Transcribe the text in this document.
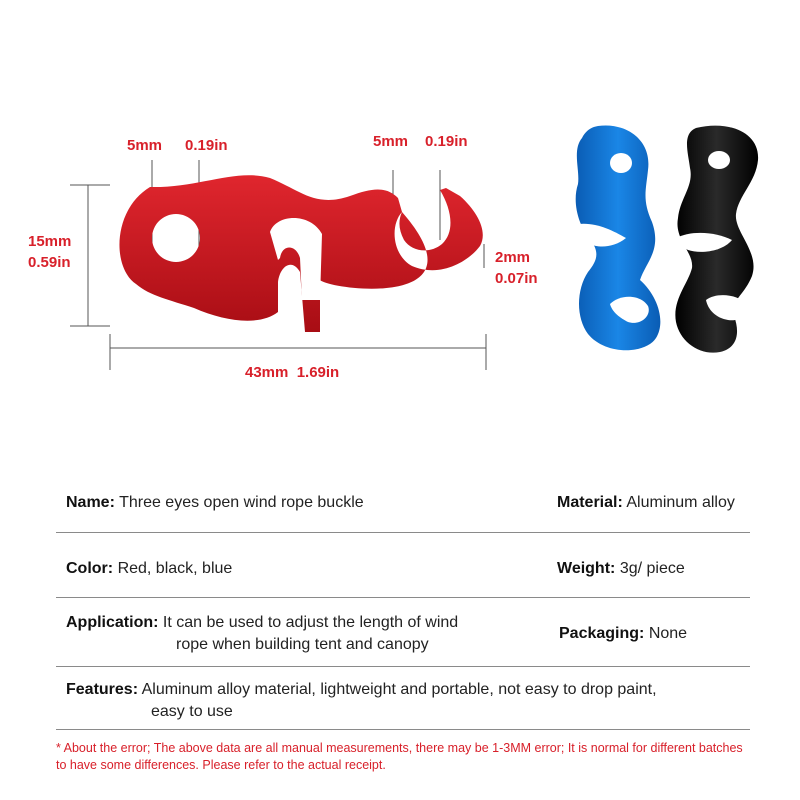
5mm 0.19in	5mm 0.19in
15mm
0.59in	2mm
0.07in
43mm  1.69in
Name: Three eyes open wind rope buckle	Material: Aluminum alloy
Color: Red, black, blue	Weight: 3g/ piece
Application: It can be used to adjust the length of wind
rope when building tent and canopy
Packaging: None
Features: Aluminum alloy material, lightweight and portable, not easy to drop paint,
easy to use
* About the error; The above data are all manual measurements, there may be 1-3MM error; It is normal for different batches to have some differences. Please refer to the actual receipt.
